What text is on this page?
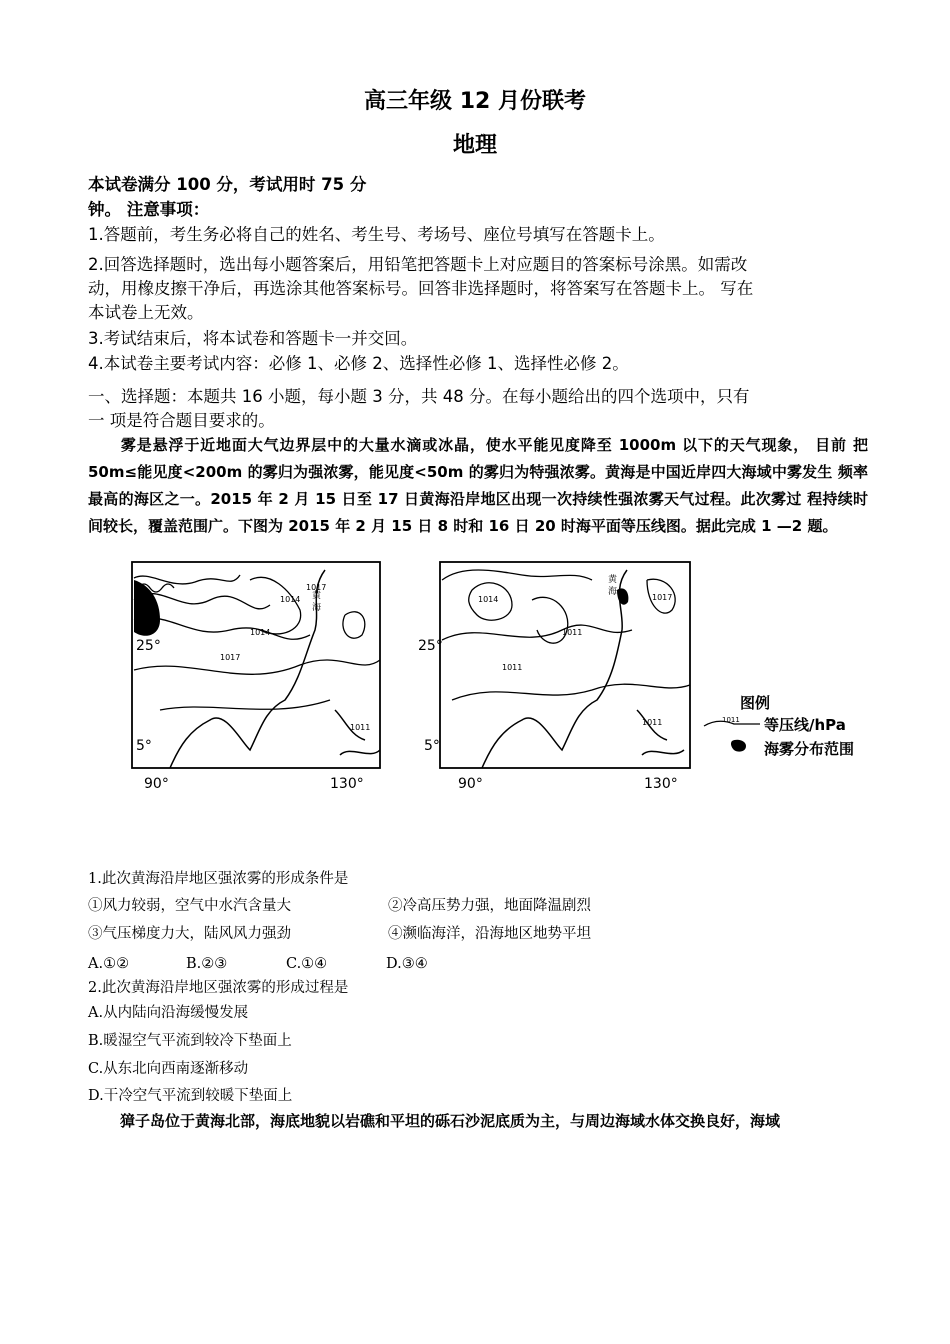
高三年级 12 月份联考
地理
本试卷满分 100 分，考试用时 75 分
钟。 注意事项：
1.答题前，考生务必将自己的姓名、考生号、考场号、座位号填写在答题卡上。
2.回答选择题时，选出每小题答案后，用铅笔把答题卡上对应题目的答案标号涂黑。如需改
动，用橡皮擦干净后，再选涂其他答案标号。回答非选择题时，将答案写在答题卡上。 写在
本试卷上无效。
3.考试结束后，将本试卷和答题卡一并交回。
4.本试卷主要考试内容：必修 1、必修 2、选择性必修 1、选择性必修 2。
一、选择题：本题共 16 小题，每小题 3 分，共 48 分。在每小题给出的四个选项中，只有
一 项是符合题目要求的。
雾是悬浮于近地面大气边界层中的大量水滴或冰晶，使水平能见度降至 1000m 以下的天气现象， 目前 把 50m≤能见度<200m 的雾归为强浓雾，能见度<50m 的雾归为特强浓雾。黄海是中国近岸四大海域中雾发生 频率最高的海区之一。2015 年 2 月 15 日至 17 日黄海沿岸地区出现一次持续性强浓雾天气过程。此次雾过 程持续时间较长，覆盖范围广。下图为 2015 年 2 月 15 日 8 时和 16 日 20 时海平面等压线图。据此完成 1 —2 题。
25°
5°
90°	130°
1017
1014
1014
1011
1017
黄
海
25°
5°
90°	130°
1014
1011
1011
1011
1017
黄
海
图例
1011 等压线/hPa
海雾分布范围
1.此次黄海沿岸地区强浓雾的形成条件是
①风力较弱，空气中水汽含量大	②冷高压势力强，地面降温剧烈
③气压梯度力大，陆风风力强劲	④濒临海洋，沿海地区地势平坦
A.①②	B.②③	C.①④	D.③④
2.此次黄海沿岸地区强浓雾的形成过程是
A.从内陆向沿海缓慢发展
B.暖湿空气平流到较冷下垫面上
C.从东北向西南逐渐移动
D.干冷空气平流到较暖下垫面上
獐子岛位于黄海北部，海底地貌以岩礁和平坦的砾石沙泥底质为主，与周边海域水体交换良好，海域
